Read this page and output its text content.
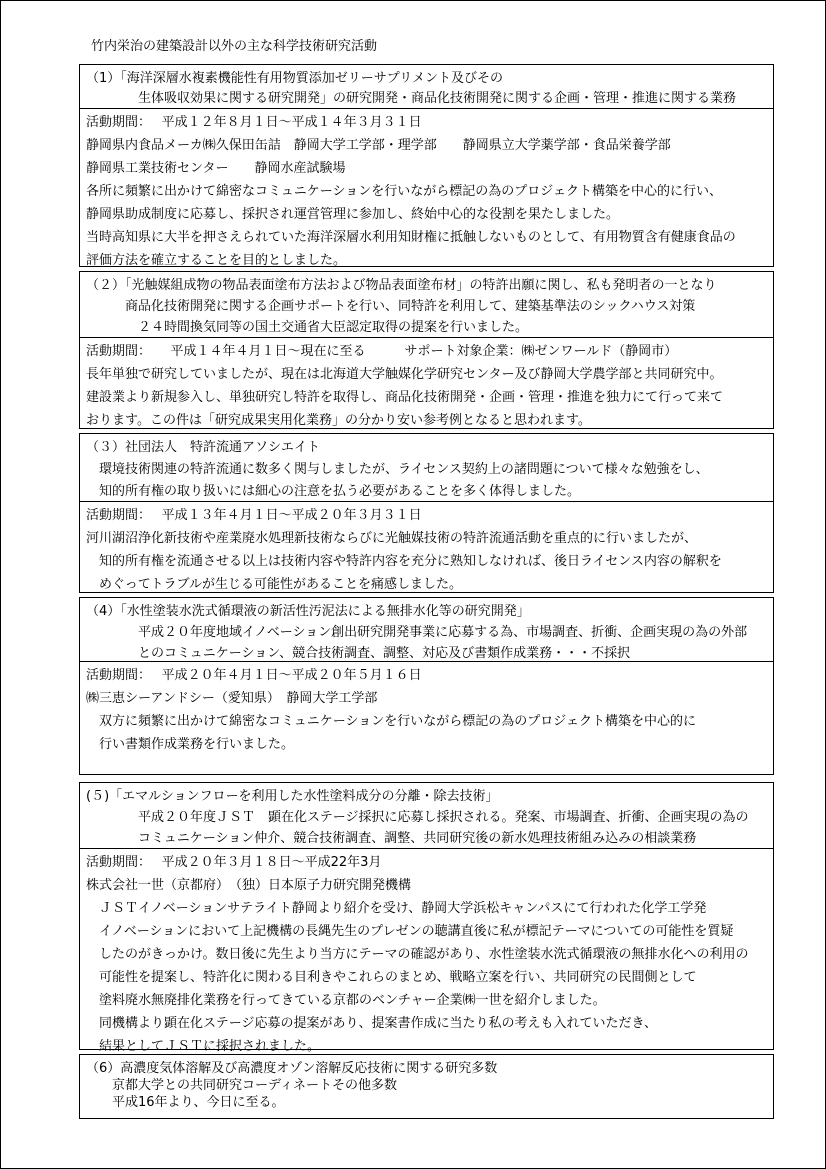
竹内栄治の建築設計以外の主な科学技術研究活動
（1）「海洋深層水複素機能性有用物質添加ゼリーサプリメント及びその
　　　　生体吸収効果に関する研究開発」の研究開発・商品化技術開発に関する企画・管理・推進に関する業務
活動期間：　 平成１２年８月１日～平成１４年３月３１日
静岡県内食品メーカ㈱久保田缶詰　静岡大学工学部・理学部　　静岡県立大学薬学部・食品栄養学部
静岡県工業技術センター　　静岡水産試験場
各所に頻繁に出かけて綿密なコミュニケーションを行いながら標記の為のプロジェクト構築を中心的に行い、
静岡県助成制度に応募し、採択され運営管理に参加し、終始中心的な役割を果たしました。
当時高知県に大半を押さえられていた海洋深層水利用知財権に抵触しないものとして、有用物質含有健康食品の
評価方法を確立することを目的としました。
（２）「光触媒組成物の物品表面塗布方法および物品表面塗布材」の特許出願に関し、私も発明者の一となり
　　　商品化技術開発に関する企画サポートを行い、同特許を利用して、建築基準法のシックハウス対策
　　　　２４時間換気同等の国土交通省大臣認定取得の提案を行いました。
活動期間：　　平成１４年４月１日～現在に至る　　　サポート対象企業：㈱ゼンワールド（静岡市）
長年単独で研究していましたが、現在は北海道大学触媒化学研究センター及び静岡大学農学部と共同研究中。
建設業より新規参入し、単独研究し特許を取得し、商品化技術開発・企画・管理・推進を独力にて行って来て
おります。この件は「研究成果実用化業務」の分かり安い参考例となると思われます。
（３）社団法人　特許流通アソシエイト
　環境技術関連の特許流通に数多く関与しましたが、ライセンス契約上の諸問題について様々な勉強をし、
　知的所有権の取り扱いには細心の注意を払う必要があることを多く体得しました。
活動期間：　 平成１３年４月１日～平成２０年３月３１日
河川湖沼浄化新技術や産業廃水処理新技術ならびに光触媒技術の特許流通活動を重点的に行いましたが、
　知的所有権を流通させる以上は技術内容や特許内容を充分に熟知しなければ、後日ライセンス内容の解釈を
　めぐってトラブルが生じる可能性があることを痛感しました。
（4）「水性塗装水洗式循環液の新活性汚泥法による無排水化等の研究開発」
　　　　平成２０年度地域イノベーション創出研究開発事業に応募する為、市場調査、折衝、企画実現の為の外部
　　　　とのコミュニケーション、競合技術調査、調整、対応及び書類作成業務・・・不採択
活動期間：　 平成２０年４月１日～平成２０年５月１６日
㈱三恵シーアンドシー（愛知県）　静岡大学工学部
　双方に頻繁に出かけて綿密なコミュニケーションを行いながら標記の為のプロジェクト構築を中心的に
　行い書類作成業務を行いました。
(５)「エマルションフローを利用した水性塗料成分の分離・除去技術」
　　　　平成２０年度ＪＳＴ　顕在化ステージ採択に応募し採択される。発案、市場調査、折衝、企画実現の為の
　　　　コミュニケーション仲介、競合技術調査、調整、共同研究後の新水処理技術組み込みの相談業務
活動期間：　 平成２０年３月１８日～平成22年3月
株式会社一世（京都府）　（独）日本原子力研究開発機構
　ＪＳＴイノベーションサテライト静岡より紹介を受け、静岡大学浜松キャンパスにて行われた化学工学発
　イノベーションにおいて上記機構の長縄先生のプレゼンの聴講直後に私が標記テーマについての可能性を質疑
　したのがきっかけ。数日後に先生より当方にテーマの確認があり、水性塗装水洗式循環液の無排水化への利用の
　可能性を提案し、特許化に関わる目利きやこれらのまとめ、戦略立案を行い、共同研究の民間側として
　塗料廃水無廃排化業務を行ってきている京都のベンチャー企業㈱一世を紹介しました。
　同機構より顕在化ステージ応募の提案があり、提案書作成に当たり私の考えも入れていただき、
　結果としてＪＳＴに採択されました。
（6）高濃度気体溶解及び高濃度オゾン溶解反応技術に関する研究多数
　　京都大学との共同研究コーディネートその他多数
　　平成16年より、今日に至る。
